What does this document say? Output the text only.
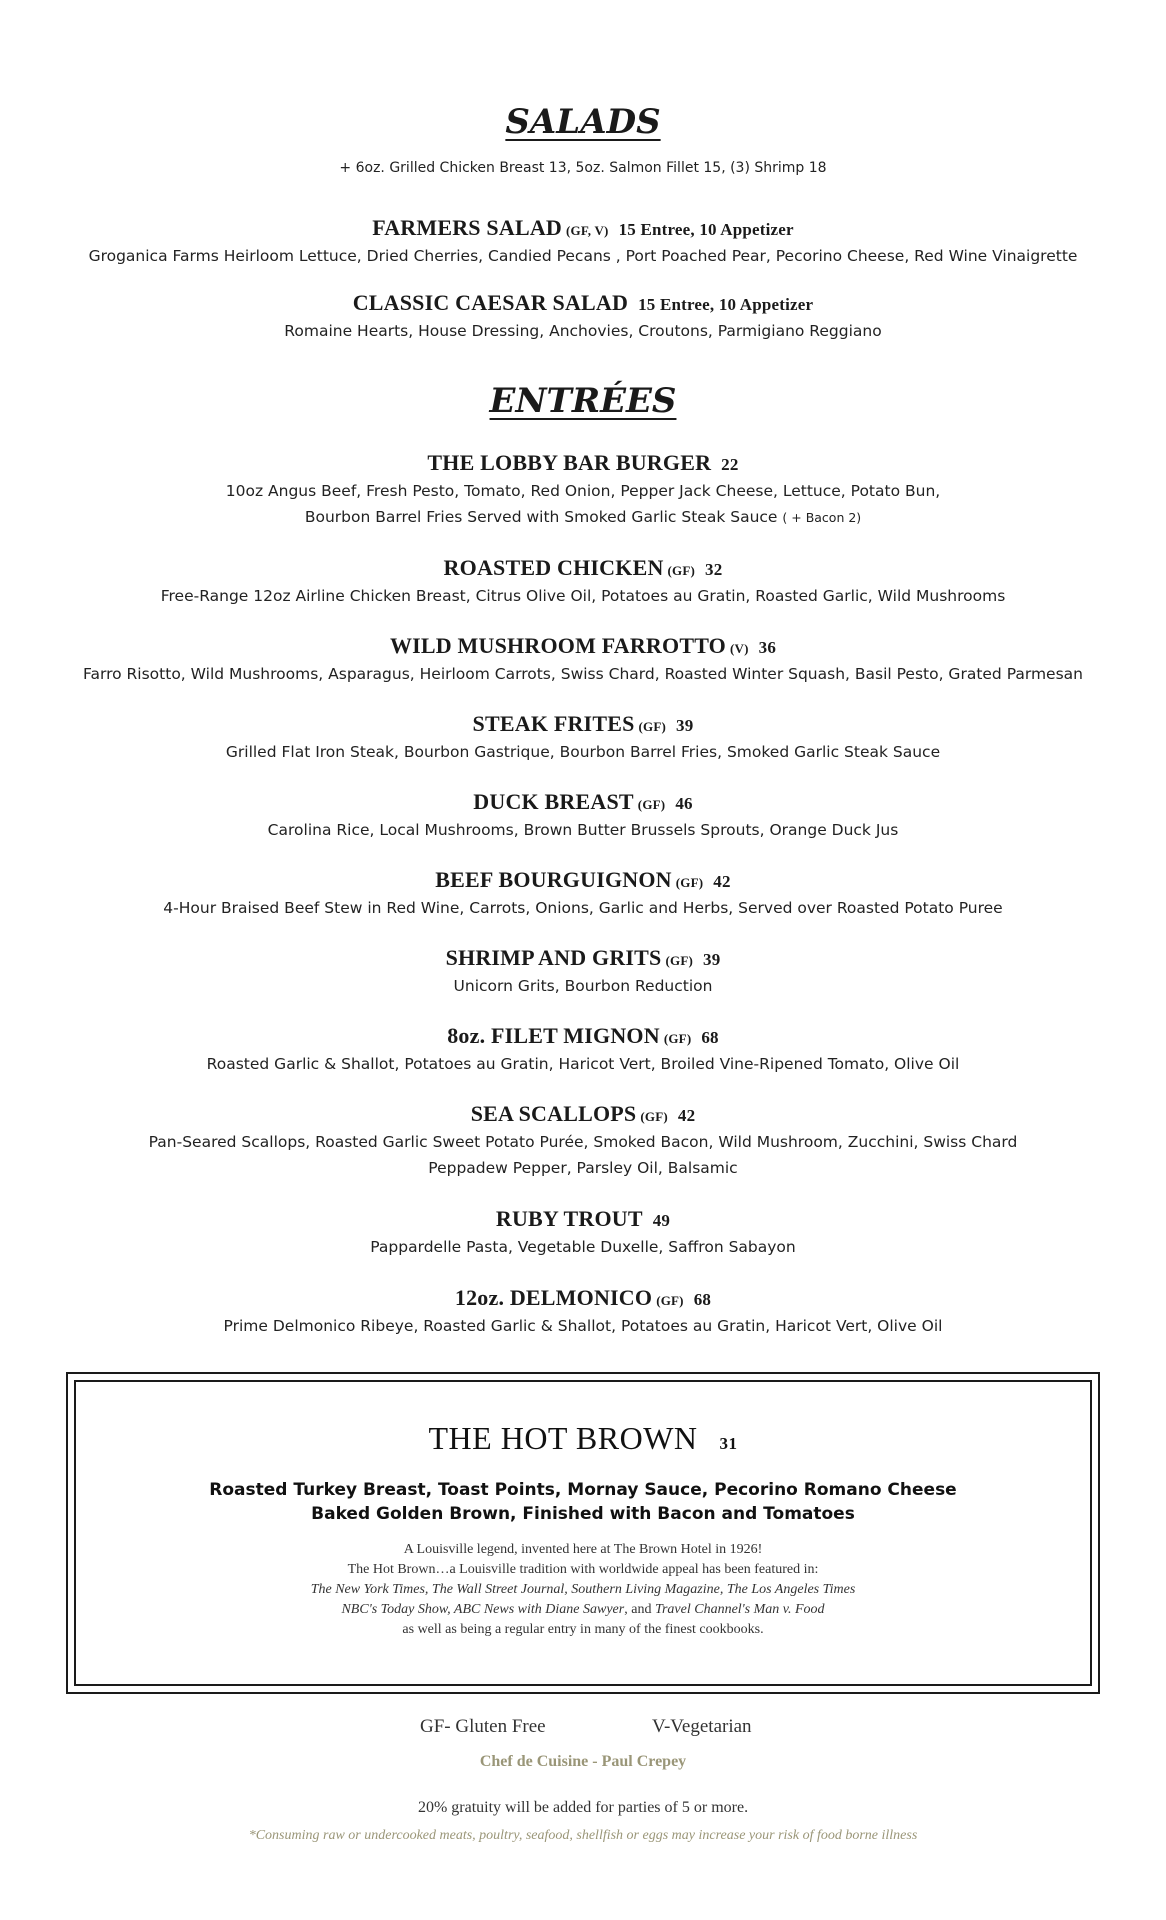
SALADS
+ 6oz. Grilled Chicken Breast 13, 5oz. Salmon Fillet 15, (3) Shrimp 18
FARMERS SALAD (GF, V) 15 Entree, 10 Appetizer
Groganica Farms Heirloom Lettuce, Dried Cherries, Candied Pecans , Port Poached Pear, Pecorino Cheese, Red Wine Vinaigrette
CLASSIC CAESAR SALAD 15 Entree, 10 Appetizer
Romaine Hearts, House Dressing, Anchovies, Croutons, Parmigiano Reggiano
ENTRÉES
THE LOBBY BAR BURGER 22
10oz Angus Beef, Fresh Pesto, Tomato, Red Onion, Pepper Jack Cheese, Lettuce, Potato Bun,
Bourbon Barrel Fries Served with Smoked Garlic Steak Sauce ( + Bacon 2)
ROASTED CHICKEN (GF) 32
Free-Range 12oz Airline Chicken Breast, Citrus Olive Oil, Potatoes au Gratin, Roasted Garlic, Wild Mushrooms
WILD MUSHROOM FARROTTO (V) 36
Farro Risotto, Wild Mushrooms, Asparagus, Heirloom Carrots, Swiss Chard, Roasted Winter Squash, Basil Pesto, Grated Parmesan
STEAK FRITES (GF) 39
Grilled Flat Iron Steak, Bourbon Gastrique, Bourbon Barrel Fries, Smoked Garlic Steak Sauce
DUCK BREAST (GF) 46
Carolina Rice, Local Mushrooms, Brown Butter Brussels Sprouts, Orange Duck Jus
BEEF BOURGUIGNON (GF) 42
4-Hour Braised Beef Stew in Red Wine, Carrots, Onions, Garlic and Herbs, Served over Roasted Potato Puree
SHRIMP AND GRITS (GF) 39
Unicorn Grits, Bourbon Reduction
8oz. FILET MIGNON (GF) 68
Roasted Garlic & Shallot, Potatoes au Gratin, Haricot Vert, Broiled Vine-Ripened Tomato, Olive Oil
SEA SCALLOPS (GF) 42
Pan-Seared Scallops, Roasted Garlic Sweet Potato Purée, Smoked Bacon, Wild Mushroom, Zucchini, Swiss Chard
Peppadew Pepper, Parsley Oil, Balsamic
RUBY TROUT 49
Pappardelle Pasta, Vegetable Duxelle, Saffron Sabayon
12oz. DELMONICO (GF) 68
Prime Delmonico Ribeye, Roasted Garlic & Shallot, Potatoes au Gratin, Haricot Vert, Olive Oil
THE HOT BROWN 31
Roasted Turkey Breast, Toast Points, Mornay Sauce, Pecorino Romano Cheese
Baked Golden Brown, Finished with Bacon and Tomatoes
A Louisville legend, invented here at The Brown Hotel in 1926!
The Hot Brown…a Louisville tradition with worldwide appeal has been featured in:
The New York Times, The Wall Street Journal, Southern Living Magazine, The Los Angeles Times
NBC's Today Show, ABC News with Diane Sawyer, and Travel Channel's Man v. Food
as well as being a regular entry in many of the finest cookbooks.
GF- Gluten Free	V-Vegetarian
Chef de Cuisine - Paul Crepey
20% gratuity will be added for parties of 5 or more.
*Consuming raw or undercooked meats, poultry, seafood, shellfish or eggs may increase your risk of food borne illness
